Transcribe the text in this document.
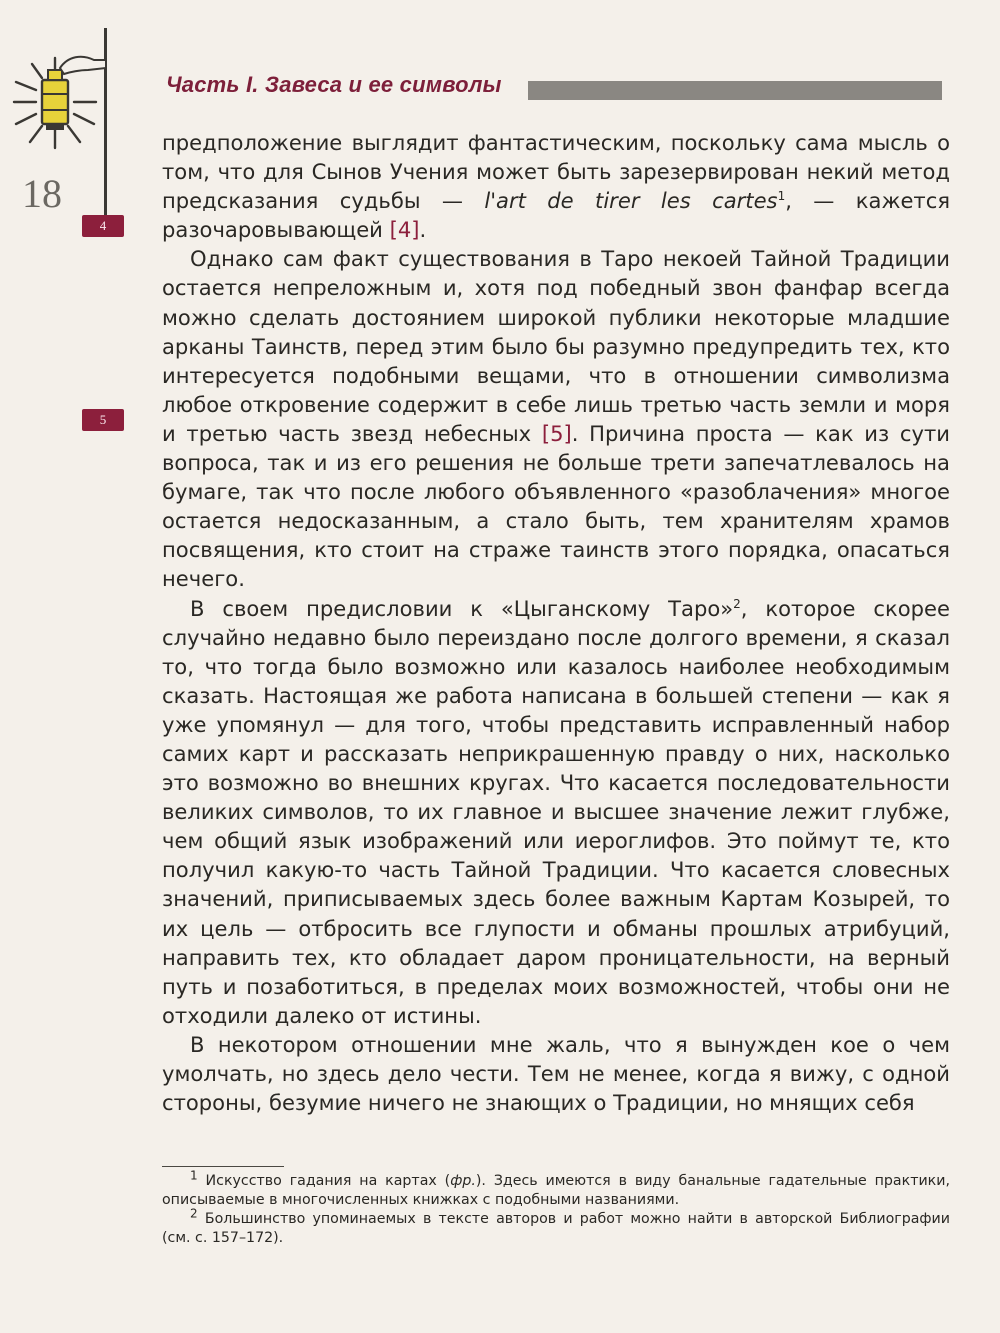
18
Часть I. Завеса и ее символы
4
5

предположение выглядит фантастическим, поскольку сама мысль о том, что для Сынов Учения может быть зарезервирован некий метод предсказания судьбы — l'art de tirer les cartes$^1$, — кажется разочаровывающей [4].

Однако сам факт существования в Таро некоей Тайной Традиции остается непреложным и, хотя под победный звон фанфар всегда можно сделать достоянием широкой публики некоторые младшие арканы Таинств, перед этим было бы разумно предупредить тех, кто интересуется подобными вещами, что в отношении символизма любое откровение содержит в себе лишь третью часть земли и моря и третью часть звезд небесных [5]. Причина проста — как из сути вопроса, так и из его решения не больше трети запечатлевалось на бумаге, так что после любого объявленного «разоблачения» многое остается недосказанным, а стало быть, тем хранителям храмов посвящения, кто стоит на страже таинств этого порядка, опасаться нечего.

В своем предисловии к «Цыганскому Таро»$^2$, которое скорее случайно недавно было переиздано после долгого времени, я сказал то, что тогда было возможно или казалось наиболее необходимым сказать. Настоящая же работа написана в большей степени — как я уже упомянул — для того, чтобы представить исправленный набор самих карт и рассказать неприкрашенную правду о них, насколько это возможно во внешних кругах. Что касается последовательности великих символов, то их главное и высшее значение лежит глубже, чем общий язык изображений или иероглифов. Это поймут те, кто получил какую-то часть Тайной Традиции. Что касается словесных значений, приписываемых здесь более важным Картам Козырей, то их цель — отбросить все глупости и обманы прошлых атрибуций, направить тех, кто обладает даром проницательности, на верный путь и позаботиться, в пределах моих возможностей, чтобы они не отходили далеко от истины.

В некотором отношении мне жаль, что я вынужден кое о чем умолчать, но здесь дело чести. Тем не менее, когда я вижу, с одной стороны, безумие ничего не знающих о Традиции, но мнящих себя

$^1$ Искусство гадания на картах (фр.). Здесь имеются в виду банальные гадательные практики, описываемые в многочисленных книжках с подобными названиями.

$^2$ Большинство упоминаемых в тексте авторов и работ можно найти в авторской Библиографии (см. с. 157–172).
